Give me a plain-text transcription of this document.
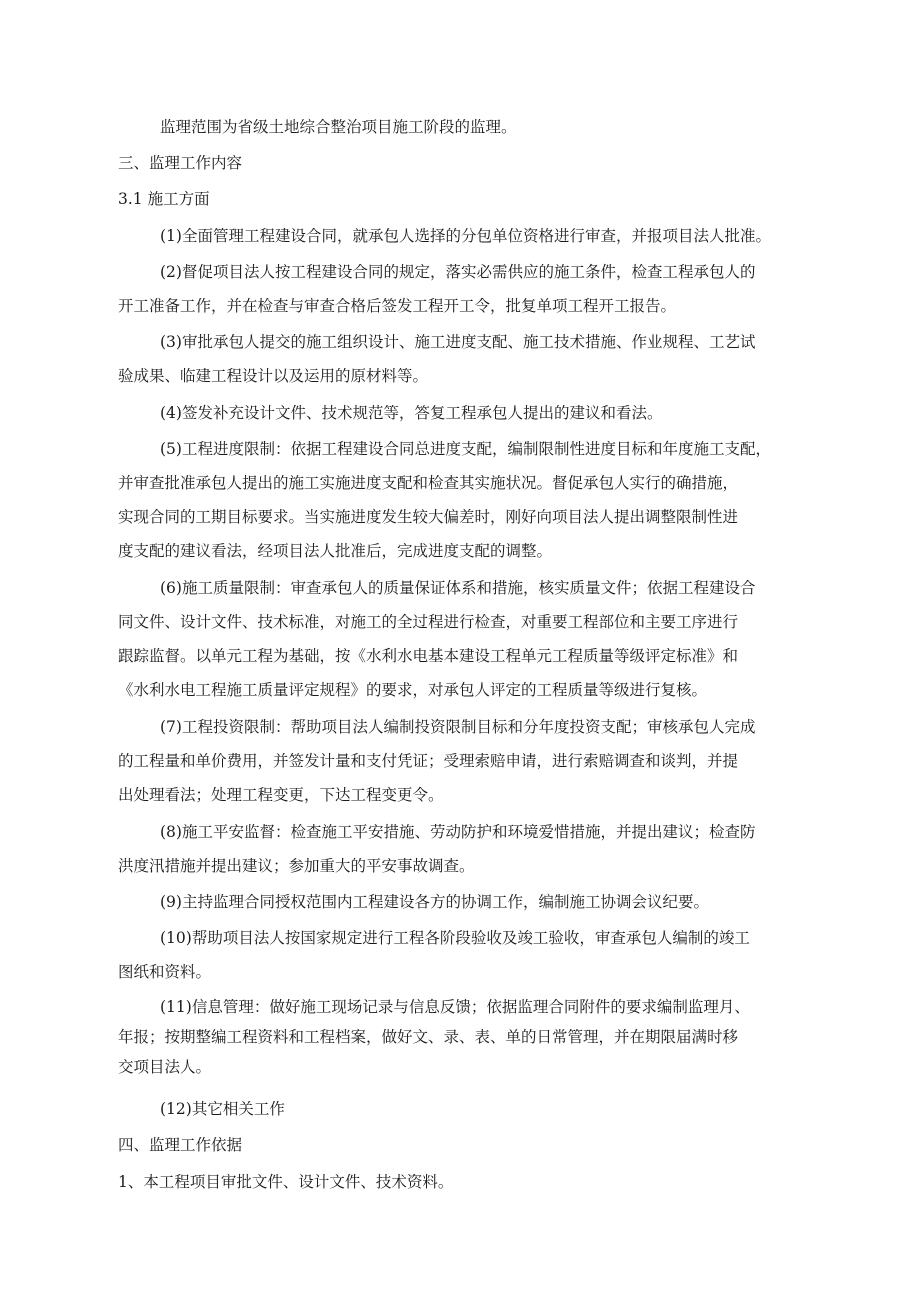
监理范围为省级土地综合整治项目施工阶段的监理。
三、监理工作内容
3.1 施工方面
(1)全面管理工程建设合同，就承包人选择的分包单位资格进行审查，并报项目法人批准。
(2)督促项目法人按工程建设合同的规定，落实必需供应的施工条件，检查工程承包人的
开工准备工作，并在检查与审查合格后签发工程开工令，批复单项工程开工报告。
(3)审批承包人提交的施工组织设计、施工进度支配、施工技术措施、作业规程、工艺试
验成果、临建工程设计以及运用的原材料等。
(4)签发补充设计文件、技术规范等，答复工程承包人提出的建议和看法。
(5)工程进度限制：依据工程建设合同总进度支配，编制限制性进度目标和年度施工支配，
并审查批准承包人提出的施工实施进度支配和检查其实施状况。督促承包人实行的确措施，
实现合同的工期目标要求。当实施进度发生较大偏差时，刚好向项目法人提出调整限制性进
度支配的建议看法，经项目法人批准后，完成进度支配的调整。
(6)施工质量限制：审查承包人的质量保证体系和措施，核实质量文件；依据工程建设合
同文件、设计文件、技术标准，对施工的全过程进行检查，对重要工程部位和主要工序进行
跟踪监督。以单元工程为基础，按《水利水电基本建设工程单元工程质量等级评定标准》和
《水利水电工程施工质量评定规程》的要求，对承包人评定的工程质量等级进行复核。
(7)工程投资限制：帮助项目法人编制投资限制目标和分年度投资支配；审核承包人完成
的工程量和单价费用，并签发计量和支付凭证；受理索赔申请，进行索赔调查和谈判，并提
出处理看法；处理工程变更，下达工程变更令。
(8)施工平安监督：检查施工平安措施、劳动防护和环境爱惜措施，并提出建议；检查防
洪度汛措施并提出建议；参加重大的平安事故调查。
(9)主持监理合同授权范围内工程建设各方的协调工作，编制施工协调会议纪要。
(10)帮助项目法人按国家规定进行工程各阶段验收及竣工验收，审查承包人编制的竣工
图纸和资料。
(11)信息管理：做好施工现场记录与信息反馈；依据监理合同附件的要求编制监理月、
年报；按期整编工程资料和工程档案，做好文、录、表、单的日常管理，并在期限届满时移
交项目法人。
(12)其它相关工作
四、监理工作依据
1、本工程项目审批文件、设计文件、技术资料。
